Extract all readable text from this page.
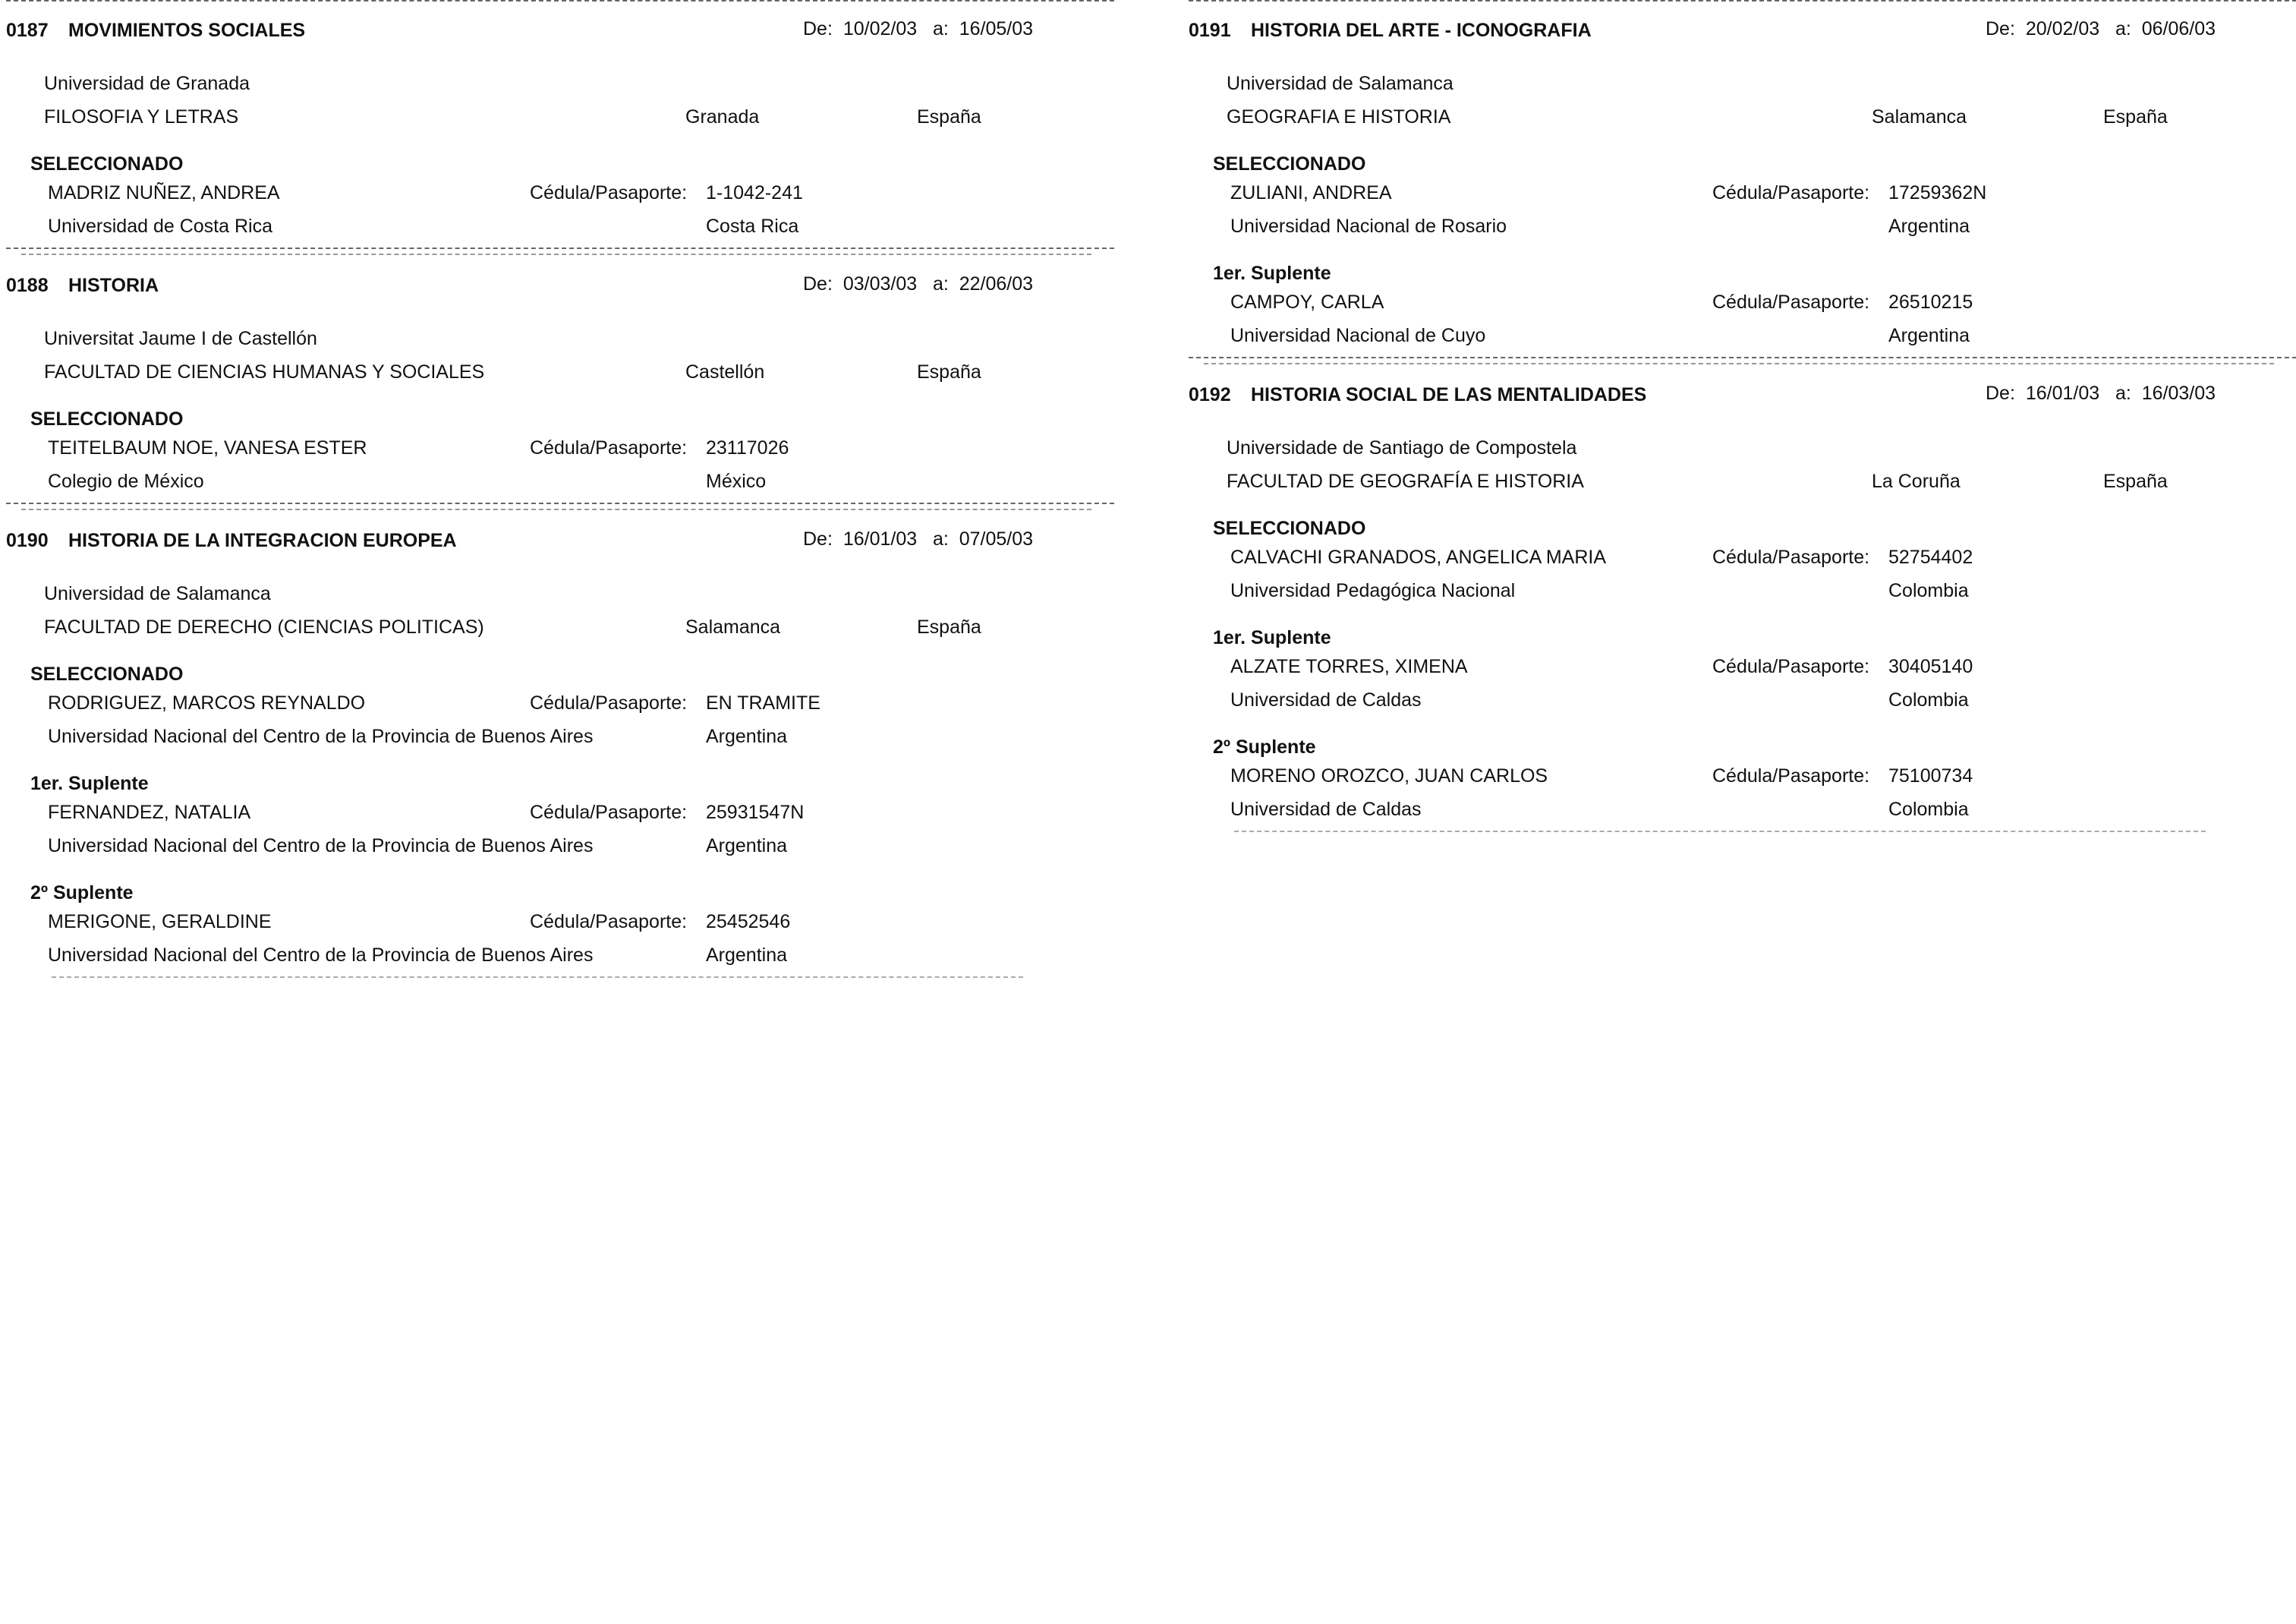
0187 MOVIMIENTOS SOCIALES	De: 10/02/03 a: 16/05/03
Universidad de Granada
FILOSOFIA Y LETRAS	Granada	España
SELECCIONADO
MADRIZ NUÑEZ, ANDREA	Cédula/Pasaporte: 1-1042-241
Universidad de Costa Rica	Costa Rica
0188 HISTORIA	De: 03/03/03 a: 22/06/03
Universitat Jaume I de Castellón
FACULTAD DE CIENCIAS HUMANAS Y SOCIALES	Castellón	España
SELECCIONADO
TEITELBAUM NOE, VANESA ESTER	Cédula/Pasaporte: 23117026
Colegio de México	México
0190 HISTORIA DE LA INTEGRACION EUROPEA	De: 16/01/03 a: 07/05/03
Universidad de Salamanca
FACULTAD DE DERECHO (CIENCIAS POLITICAS)	Salamanca	España
SELECCIONADO
RODRIGUEZ, MARCOS REYNALDO	Cédula/Pasaporte: EN TRAMITE
Universidad Nacional del Centro de la Provincia de Buenos Aires	Argentina
1er. Suplente
FERNANDEZ, NATALIA	Cédula/Pasaporte: 25931547N
Universidad Nacional del Centro de la Provincia de Buenos Aires	Argentina
2º Suplente
MERIGONE, GERALDINE	Cédula/Pasaporte: 25452546
Universidad Nacional del Centro de la Provincia de Buenos Aires	Argentina
0191 HISTORIA DEL ARTE - ICONOGRAFIA	De: 20/02/03 a: 06/06/03
Universidad de Salamanca
GEOGRAFIA E HISTORIA	Salamanca	España
SELECCIONADO
ZULIANI, ANDREA	Cédula/Pasaporte: 17259362N
Universidad Nacional de Rosario	Argentina
1er. Suplente
CAMPOY, CARLA	Cédula/Pasaporte: 26510215
Universidad Nacional de Cuyo	Argentina
0192 HISTORIA SOCIAL DE LAS MENTALIDADES	De: 16/01/03 a: 16/03/03
Universidade de Santiago de Compostela
FACULTAD DE GEOGRAFÍA E HISTORIA	La Coruña	España
SELECCIONADO
CALVACHI GRANADOS, ANGELICA MARIA	Cédula/Pasaporte: 52754402
Universidad Pedagógica Nacional	Colombia
1er. Suplente
ALZATE TORRES, XIMENA	Cédula/Pasaporte: 30405140
Universidad de Caldas	Colombia
2º Suplente
MORENO OROZCO, JUAN CARLOS	Cédula/Pasaporte: 75100734
Universidad de Caldas	Colombia
